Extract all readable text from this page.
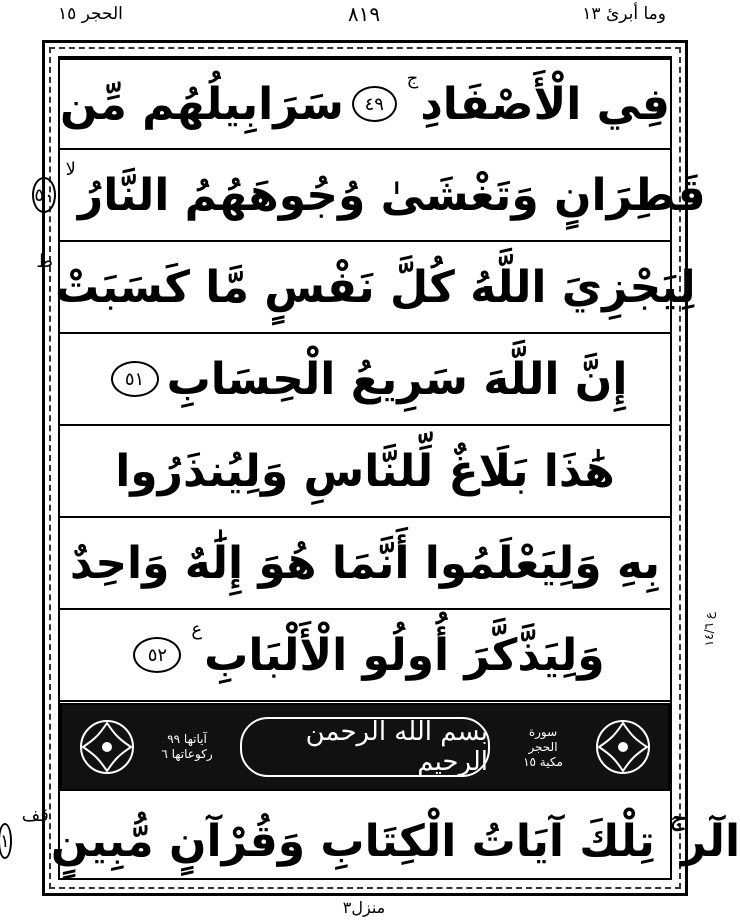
الحجر ١٥	٨١٩	وما أبرئ ١٣
فِي الْأَصْفَادِ
ج
٤٩
سَرَابِيلُهُم مِّن
قَطِرَانٍ وَتَغْشَىٰ وُجُوهَهُمُ النَّارُ
لا
٥٠
لِيَجْزِيَ اللَّهُ كُلَّ نَفْسٍ مَّا كَسَبَتْ
ط
إِنَّ اللَّهَ سَرِيعُ الْحِسَابِ
٥١
هَٰذَا بَلَاغٌ لِّلنَّاسِ وَلِيُنذَرُوا
بِهِ وَلِيَعْلَمُوا أَنَّمَا هُوَ إِلَٰهٌ وَاحِدٌ
وَلِيَذَّكَّرَ أُولُو الْأَلْبَابِ
ع
٥٢
آياتها ٩٩
ركوعاتها ٦
بسم الله الرحمن الرحيم
سورة
الحجر
مكية ١٥
الٓر ۚ تِلْكَ آيَاتُ الْكِتَابِ وَقُرْآنٍ مُّبِينٍ
قف
١
ع ١٤/٦
منزل٣
